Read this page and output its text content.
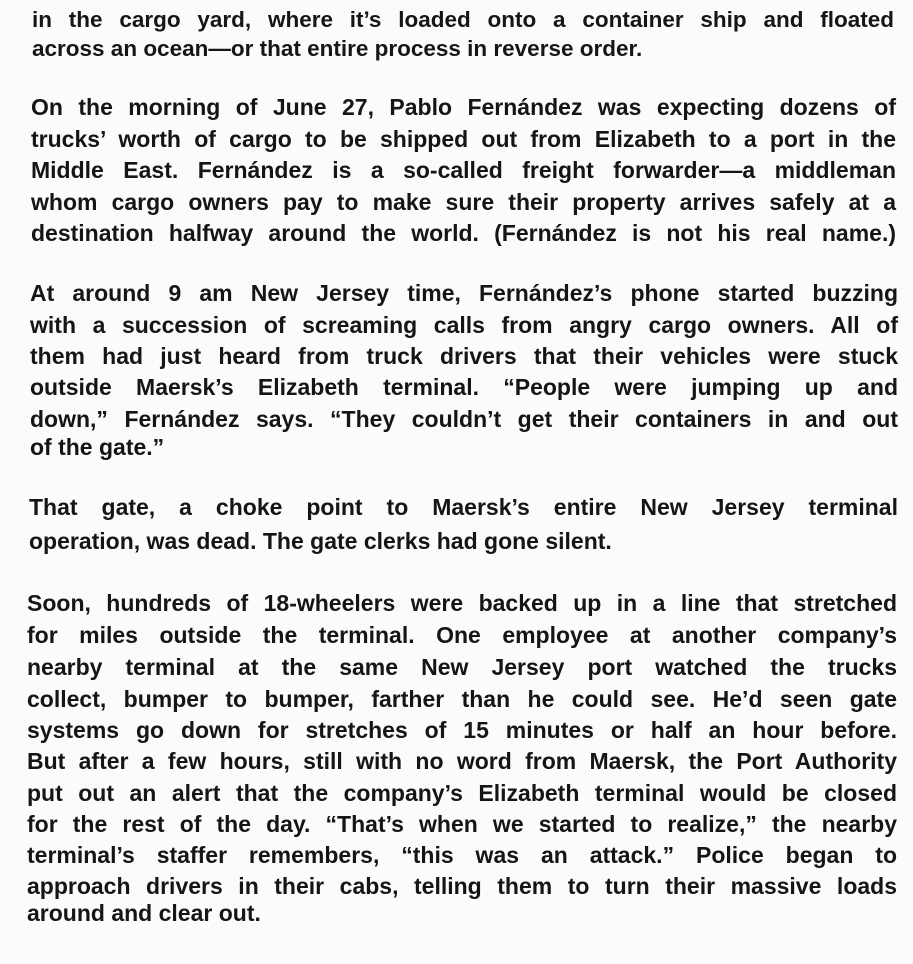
in the cargo yard, where it’s loaded onto a container ship and floated
across an ocean—or that entire process in reverse order.
On the morning of June 27, Pablo Fernández was expecting dozens of
trucks’ worth of cargo to be shipped out from Elizabeth to a port in the
Middle East. Fernández is a so-called freight forwarder—a middleman
whom cargo owners pay to make sure their property arrives safely at a
destination halfway around the world. (Fernández is not his real name.)
At around 9 am New Jersey time, Fernández’s phone started buzzing
with a succession of screaming calls from angry cargo owners. All of
them had just heard from truck drivers that their vehicles were stuck
outside Maersk’s Elizabeth terminal. “People were jumping up and
down,” Fernández says. “They couldn’t get their containers in and out
of the gate.”
That gate, a choke point to Maersk’s entire New Jersey terminal
operation, was dead. The gate clerks had gone silent.
Soon, hundreds of 18-wheelers were backed up in a line that stretched
for miles outside the terminal. One employee at another company’s
nearby terminal at the same New Jersey port watched the trucks
collect, bumper to bumper, farther than he could see. He’d seen gate
systems go down for stretches of 15 minutes or half an hour before.
But after a few hours, still with no word from Maersk, the Port Authority
put out an alert that the company’s Elizabeth terminal would be closed
for the rest of the day. “That’s when we started to realize,” the nearby
terminal’s staffer remembers, “this was an attack.” Police began to
approach drivers in their cabs, telling them to turn their massive loads
around and clear out.
